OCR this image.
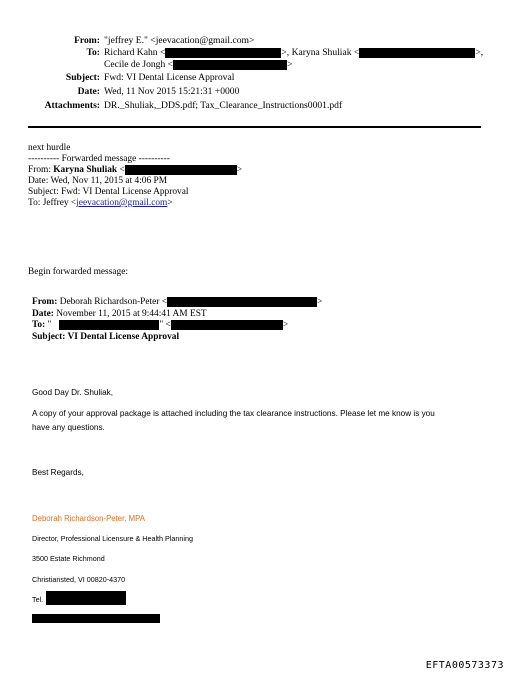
From: "jeffrey E." <jeevacation@gmail.com>
To: Richard Kahn <	>, Karyna Shuliak <	>,
Cecile de Jongh <	>
Subject: Fwd: VI Dental License Approval
Date: Wed, 11 Nov 2015 15:21:31 +0000
Attachments: DR._Shuliak,_DDS.pdf; Tax_Clearance_Instructions0001.pdf
next hurdle
---------- Forwarded message ----------
From: Karyna Shuliak <	>
Date: Wed, Nov 11, 2015 at 4:06 PM
Subject: Fwd: VI Dental License Approval
To: Jeffrey <jeevacation@gmail.com>
Begin forwarded message:
From: Deborah Richardson-Peter <	>
Date: November 11, 2015 at 9:44:41 AM EST
To: "	" <	>
Subject: VI Dental License Approval
Good Day Dr. Shuliak,
A copy of your approval package is attached including the tax clearance instructions. Please let me know is you
have any questions.
Best Regards,
Deborah Richardson-Peter, MPA
Director, Professional Licensure & Health Planning
3500 Estate Richmond
Christiansted, VI 00820-4370
Tel.
EFTA00573373
